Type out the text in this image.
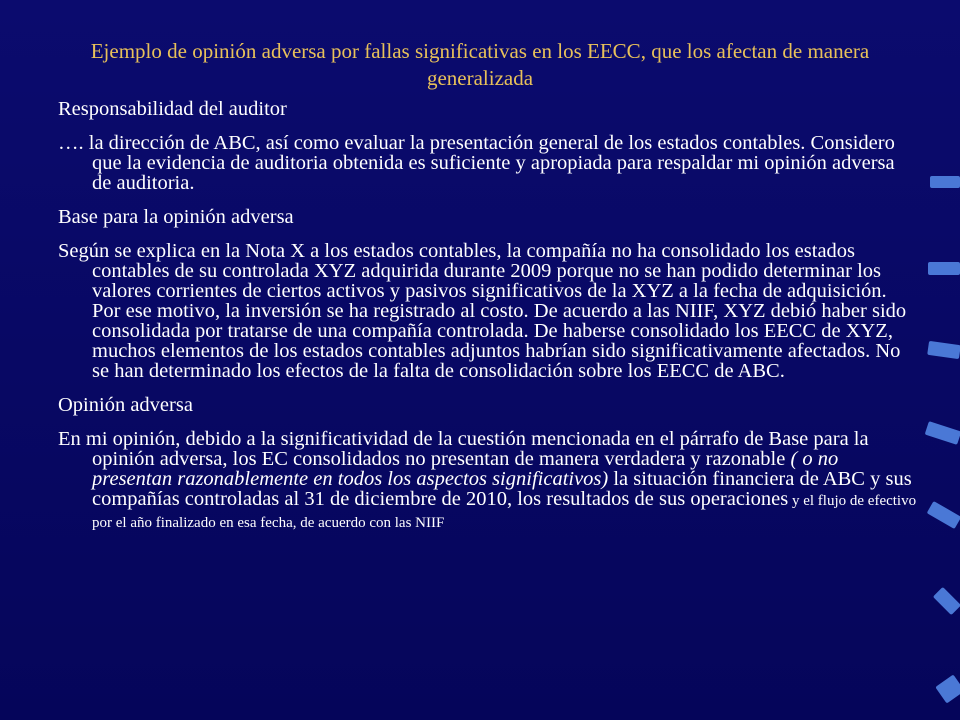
Ejemplo de opinión adversa por fallas significativas en los EECC, que los afectan de manera generalizada
Responsabilidad del auditor
…. la dirección de ABC, así como evaluar la presentación general de los estados contables. Considero que la evidencia de auditoria obtenida es suficiente y apropiada para respaldar mi opinión adversa de auditoria.
Base para la opinión adversa
Según se explica en la Nota X a los estados contables, la compañía no ha consolidado los estados contables de su controlada XYZ adquirida durante 2009 porque no se han podido determinar los valores corrientes de ciertos activos y pasivos significativos de la XYZ a la fecha de adquisición. Por ese motivo, la inversión se ha registrado al costo. De acuerdo a las NIIF, XYZ debió haber sido consolidada por tratarse de una compañía controlada. De haberse consolidado los EECC de XYZ, muchos elementos de los estados contables adjuntos habrían sido significativamente afectados. No se han determinado los efectos de la falta de consolidación sobre los EECC de ABC.
Opinión adversa
En mi opinión, debido a la significatividad de la cuestión mencionada en el párrafo de Base para la opinión adversa, los EC consolidados no presentan de manera verdadera y razonable ( o no presentan razonablemente en todos los aspectos significativos) la situación financiera de ABC y sus compañías controladas al 31 de diciembre de 2010, los resultados de sus operaciones y el flujo de efectivo por el año finalizado en esa fecha, de acuerdo con las NIIF
